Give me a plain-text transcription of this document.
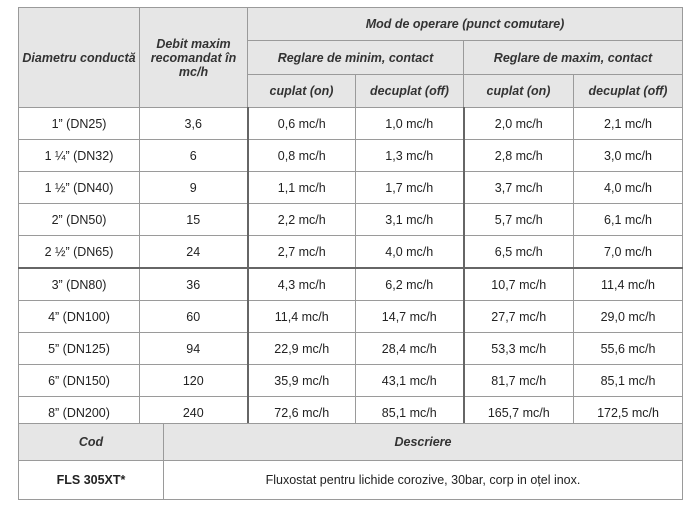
Diametru conductă	Debit maxim recomandat în mc/h	Mod de operare (punct comutare)			
		Reglare de minim, contact		Reglare de maxim, contact	
		cuplat (on)	decuplat (off)	cuplat (on)	decuplat (off)
1” (DN25)	3,6	0,6 mc/h	1,0 mc/h	2,0 mc/h	2,1 mc/h
1 ¼” (DN32)	6	0,8 mc/h	1,3 mc/h	2,8 mc/h	3,0 mc/h
1 ½” (DN40)	9	1,1 mc/h	1,7 mc/h	3,7 mc/h	4,0 mc/h
2” (DN50)	15	2,2 mc/h	3,1 mc/h	5,7 mc/h	6,1 mc/h
2 ½” (DN65)	24	2,7 mc/h	4,0 mc/h	6,5 mc/h	7,0 mc/h
3” (DN80)	36	4,3 mc/h	6,2 mc/h	10,7 mc/h	11,4 mc/h
4” (DN100)	60	11,4 mc/h	14,7 mc/h	27,7 mc/h	29,0 mc/h
5” (DN125)	94	22,9 mc/h	28,4 mc/h	53,3 mc/h	55,6 mc/h
6” (DN150)	120	35,9 mc/h	43,1 mc/h	81,7 mc/h	85,1 mc/h
8” (DN200)	240	72,6 mc/h	85,1 mc/h	165,7 mc/h	172,5 mc/h
Cod	Descriere
FLS 305XT*	Fluxostat pentru lichide corozive, 30bar, corp in oțel inox.
